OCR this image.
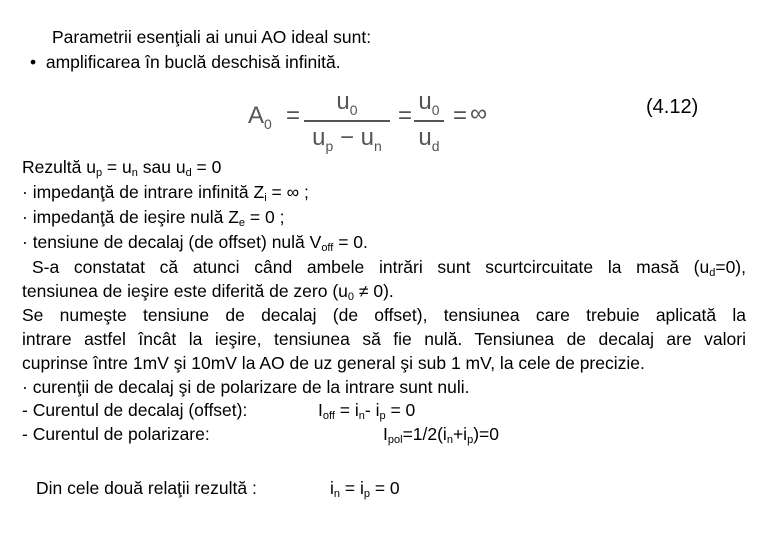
Parametrii esenţiali ai unui AO ideal sunt:
• amplificarea în buclă deschisă infinită.
$A_0$ =
$u_0$
$u_p - u_n$
=
$u_0$
$u_d$
= ∞	(4.12)
Rezultă $u_p = u_n$ sau $u_d = 0$
· impedanţă de intrare infinită $Z_i$ = ∞ ;
· impedanţă de ieşire nulă $Z_e = 0$ ;
· tensiune de decalaj (de offset) nulă $V_{off} = 0$.
S-a constatat că atunci când ambele intrări sunt scurtcircuitate la masă $(u_d=0)$,
tensiunea de ieşire este diferită de zero $(u_0 \ne 0)$.
Se numeşte tensiune de decalaj (de offset), tensiunea care trebuie aplicată la
intrare astfel încât la ieşire, tensiunea să fie nulă. Tensiunea de decalaj are valori
cuprinse între 1mV şi 10mV la AO de uz general şi sub 1 mV, la cele de precizie.
· curenţii de decalaj şi de polarizare de la intrare sunt nuli.
- Curentul de decalaj (offset):	$I_{off} = i_n-$ $i_p = 0$
- Curentul de polarizare:	$I_{pol}=1/2(i_n+i_p)=0$
Din cele două relaţii rezultă :	$i_n = i_p = 0$
